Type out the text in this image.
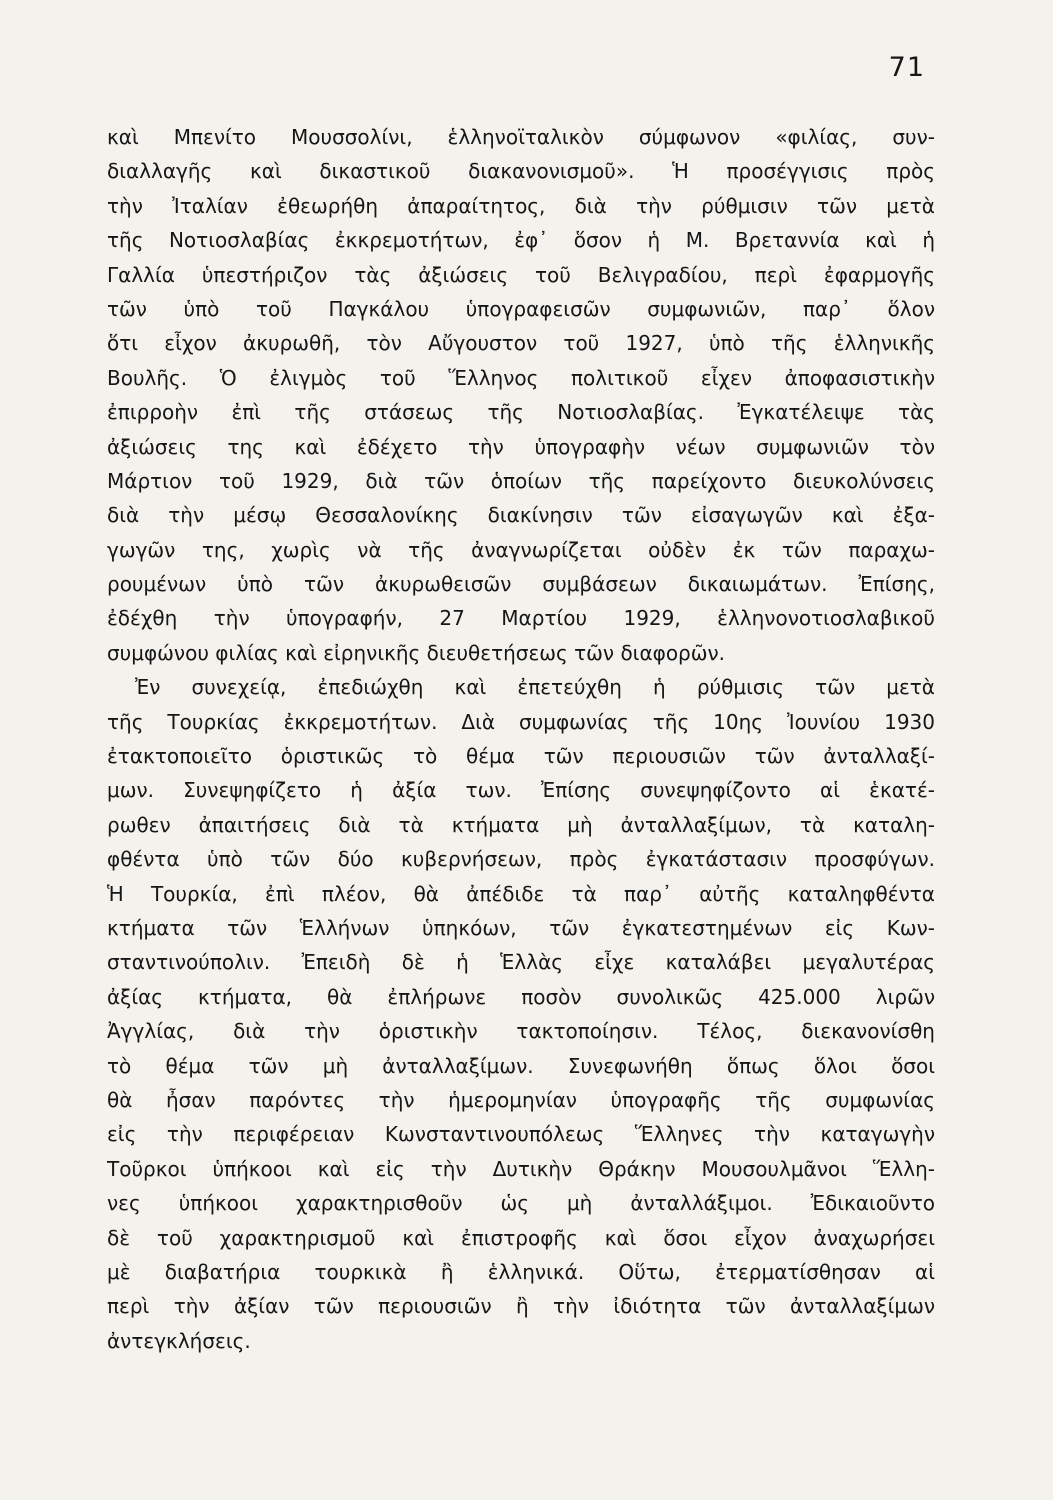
71
καὶ Μπενίτο Μουσσολίνι, ἑλληνοϊταλικὸν σύμφωνον «φιλίας, συν-
διαλλαγῆς καὶ δικαστικοῦ διακανονισμοῦ». Ἡ προσέγγισις πρὸς
τὴν Ἰταλίαν ἐθεωρήθη ἀπαραίτητος, διὰ τὴν ρύθμισιν τῶν μετὰ
τῆς Νοτιοσλαβίας ἐκκρεμοτήτων, ἐφ᾽ ὅσον ἡ Μ. Βρεταννία καὶ ἡ
Γαλλία ὑπεστήριζον τὰς ἀξιώσεις τοῦ Βελιγραδίου, περὶ ἐφαρμογῆς
τῶν ὑπὸ τοῦ Παγκάλου ὑπογραφεισῶν συμφωνιῶν, παρ᾽ ὅλον
ὅτι εἶχον ἀκυρωθῆ, τὸν Αὔγουστον τοῦ 1927, ὑπὸ τῆς ἑλληνικῆς
Βουλῆς. Ὁ ἐλιγμὸς τοῦ Ἕλληνος πολιτικοῦ εἶχεν ἀποφασιστικὴν
ἐπιρροὴν ἐπὶ τῆς στάσεως τῆς Νοτιοσλαβίας. Ἐγκατέλειψε τὰς
ἀξιώσεις της καὶ ἐδέχετο τὴν ὑπογραφὴν νέων συμφωνιῶν τὸν
Μάρτιον τοῦ 1929, διὰ τῶν ὁποίων τῆς παρείχοντο διευκολύνσεις
διὰ τὴν μέσῳ Θεσσαλονίκης διακίνησιν τῶν εἰσαγωγῶν καὶ ἐξα-
γωγῶν της, χωρὶς νὰ τῆς ἀναγνωρίζεται οὐδὲν ἐκ τῶν παραχω-
ρουμένων ὑπὸ τῶν ἀκυρωθεισῶν συμβάσεων δικαιωμάτων. Ἐπίσης,
ἐδέχθη τὴν ὑπογραφήν, 27 Μαρτίου 1929, ἑλληνονοτιοσλαβικοῦ
συμφώνου φιλίας καὶ εἰρηνικῆς διευθετήσεως τῶν διαφορῶν.
Ἐν συνεχείᾳ, ἐπεδιώχθη καὶ ἐπετεύχθη ἡ ρύθμισις τῶν μετὰ
τῆς Τουρκίας ἐκκρεμοτήτων. Διὰ συμφωνίας τῆς 10ης Ἰουνίου 1930
ἐτακτοποιεῖτο ὁριστικῶς τὸ θέμα τῶν περιουσιῶν τῶν ἀνταλλαξί-
μων. Συνεψηφίζετο ἡ ἀξία των. Ἐπίσης συνεψηφίζοντο αἱ ἑκατέ-
ρωθεν ἀπαιτήσεις διὰ τὰ κτήματα μὴ ἀνταλλαξίμων, τὰ καταλη-
φθέντα ὑπὸ τῶν δύο κυβερνήσεων, πρὸς ἐγκατάστασιν προσφύγων.
Ἡ Τουρκία, ἐπὶ πλέον, θὰ ἀπέδιδε τὰ παρ᾽ αὐτῆς καταληφθέντα
κτήματα τῶν Ἑλλήνων ὑπηκόων, τῶν ἐγκατεστημένων εἰς Κων-
σταντινούπολιν. Ἐπειδὴ δὲ ἡ Ἑλλὰς εἶχε καταλάβει μεγαλυτέρας
ἀξίας κτήματα, θὰ ἐπλήρωνε ποσὸν συνολικῶς 425.000 λιρῶν
Ἀγγλίας, διὰ τὴν ὁριστικὴν τακτοποίησιν. Τέλος, διεκανονίσθη
τὸ θέμα τῶν μὴ ἀνταλλαξίμων. Συνεφωνήθη ὅπως ὅλοι ὅσοι
θὰ ἦσαν παρόντες τὴν ἡμερομηνίαν ὑπογραφῆς τῆς συμφωνίας
εἰς τὴν περιφέρειαν Κωνσταντινουπόλεως Ἕλληνες τὴν καταγωγὴν
Τοῦρκοι ὑπήκοοι καὶ εἰς τὴν Δυτικὴν Θράκην Μουσουλμᾶνοι Ἕλλη-
νες ὑπήκοοι χαρακτηρισθοῦν ὡς μὴ ἀνταλλάξιμοι. Ἐδικαιοῦντο
δὲ τοῦ χαρακτηρισμοῦ καὶ ἐπιστροφῆς καὶ ὅσοι εἶχον ἀναχωρήσει
μὲ διαβατήρια τουρκικὰ ἢ ἑλληνικά. Οὕτω, ἐτερματίσθησαν αἱ
περὶ τὴν ἀξίαν τῶν περιουσιῶν ἢ τὴν ἰδιότητα τῶν ἀνταλλαξίμων
ἀντεγκλήσεις.
